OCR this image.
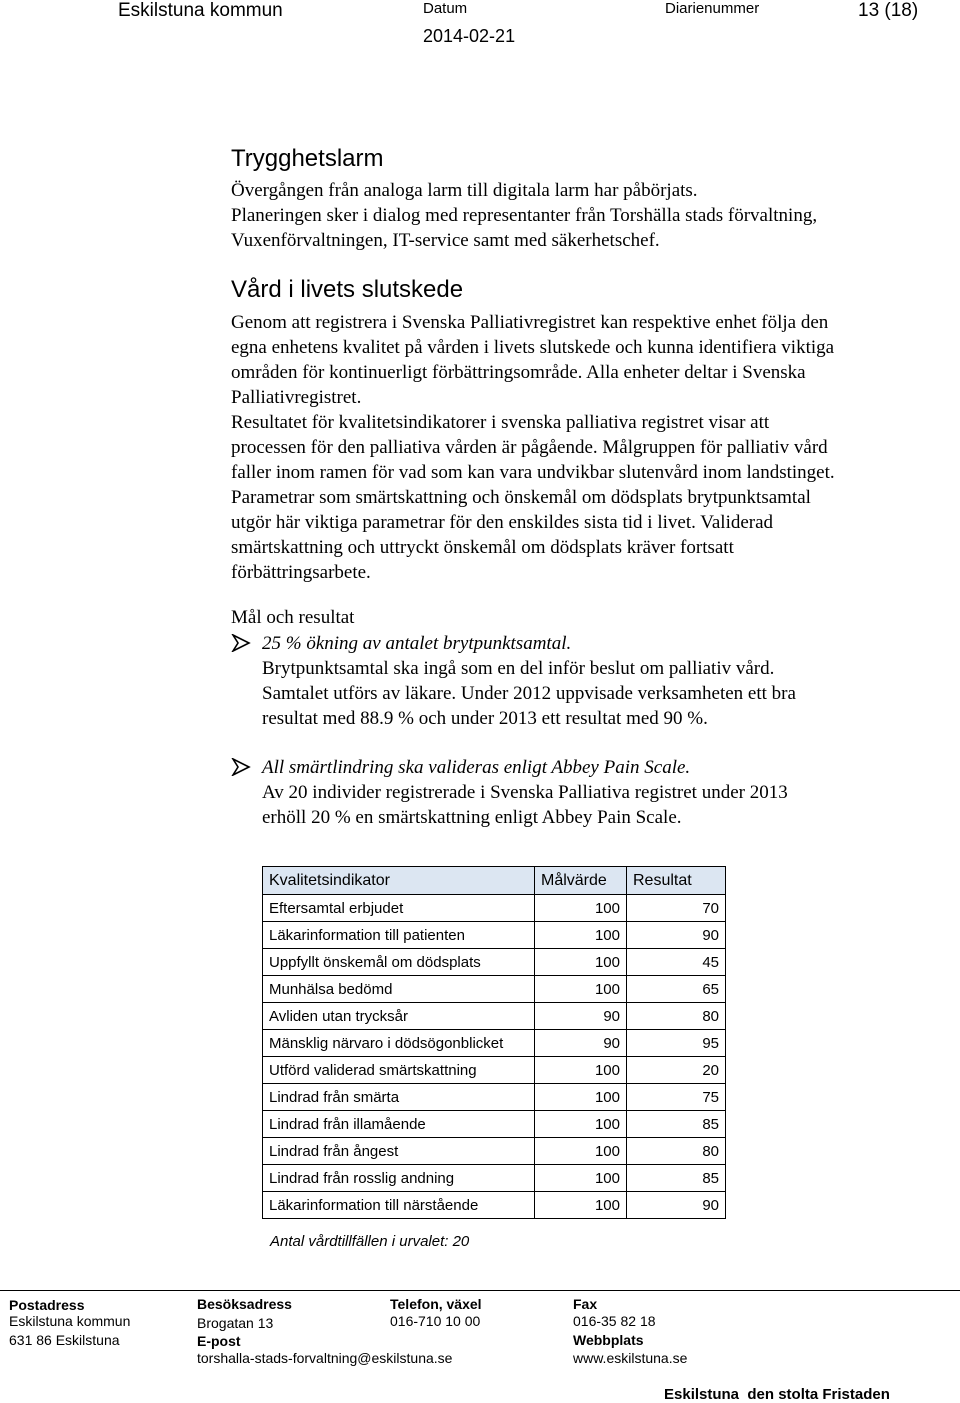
Eskilstuna kommun	Datum
2014-02-21
Diarienummer	13 (18)
Trygghetslarm
Övergången från analoga larm till digitala larm har påbörjats.
Planeringen sker i dialog med representanter från Torshälla stads förvaltning,
Vuxenförvaltningen, IT-service samt med säkerhetschef.
Vård i livets slutskede
Genom att registrera i Svenska Palliativregistret kan respektive enhet följa den
egna enhetens kvalitet på vården i livets slutskede och kunna identifiera viktiga
områden för kontinuerligt förbättringsområde. Alla enheter deltar i Svenska
Palliativregistret.
Resultatet för kvalitetsindikatorer i svenska palliativa registret visar att
processen för den palliativa vården är pågående. Målgruppen för palliativ vård
faller inom ramen för vad som kan vara undvikbar slutenvård inom landstinget.
Parametrar som smärtskattning och önskemål om dödsplats brytpunktsamtal
utgör här viktiga parametrar för den enskildes sista tid i livet. Validerad
smärtskattning och uttryckt önskemål om dödsplats kräver fortsatt
förbättringsarbete.
Mål och resultat
25 % ökning av antalet brytpunktsamtal.
Brytpunktsamtal ska ingå som en del inför beslut om palliativ vård.
Samtalet utförs av läkare. Under 2012 uppvisade verksamheten ett bra
resultat med 88.9 % och under 2013 ett resultat med 90 %.
All smärtlindring ska valideras enligt Abbey Pain Scale.
Av 20 individer registrerade i Svenska Palliativa registret under 2013
erhöll 20 % en smärtskattning enligt Abbey Pain Scale.
Kvalitetsindikator	Målvärde	Resultat
Eftersamtal erbjudet	100	70
Läkarinformation till patienten	100	90
Uppfyllt önskemål om dödsplats	100	45
Munhälsa bedömd	100	65
Avliden utan trycksår	90	80
Mänsklig närvaro i dödsögonblicket	90	95
Utförd validerad smärtskattning	100	20
Lindrad från smärta	100	75
Lindrad från illamående	100	85
Lindrad från ångest	100	80
Lindrad från rosslig andning	100	85
Läkarinformation till närstående	100	90
Antal vårdtillfällen i urvalet: 20
Postadress
Eskilstuna kommun
631 86 Eskilstuna
Besöksadress
Brogatan 13
E-post
torshalla-stads-forvaltning@eskilstuna.se
Telefon, växel
016-710 10 00
Fax
016-35 82 18
Webbplats
www.eskilstuna.se
Eskilstuna  den stolta Fristaden
